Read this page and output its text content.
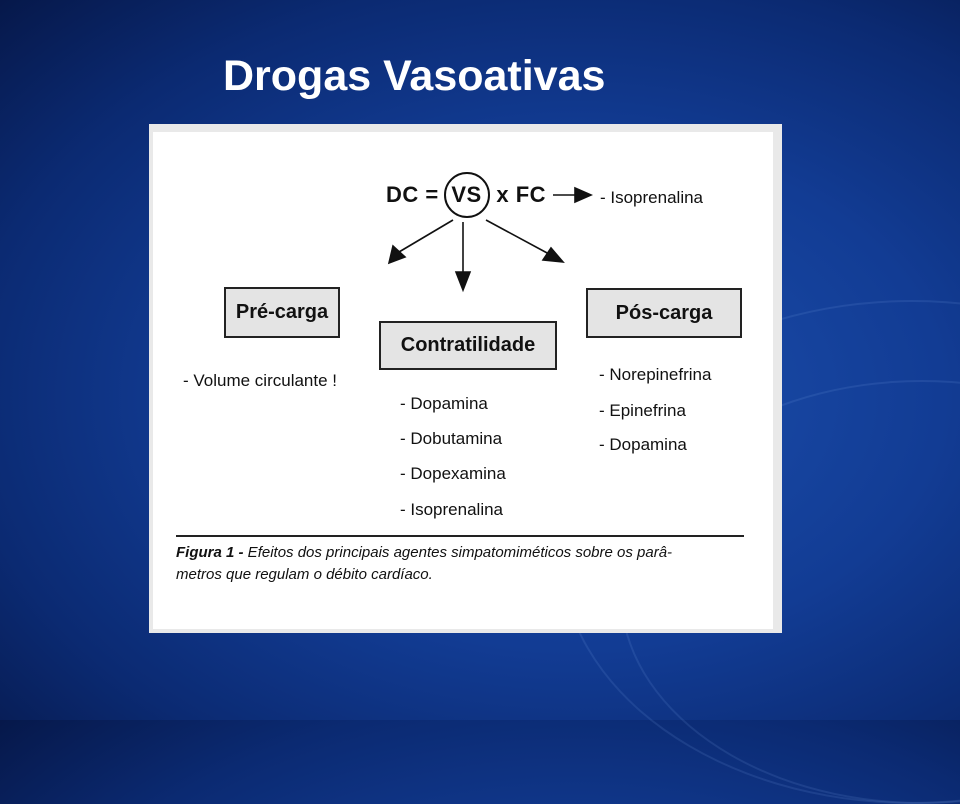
Drogas Vasoativas
DC = VS x FC	- Isoprenalina
Pré-carga
Contratilidade
Pós-carga
- Volume circulante !
- Dopamina
- Dobutamina
- Dopexamina
- Isoprenalina
- Norepinefrina
- Epinefrina
- Dopamina
Figura 1 - Efeitos dos principais agentes simpatomiméticos sobre os parâ-
metros que regulam o débito cardíaco.
